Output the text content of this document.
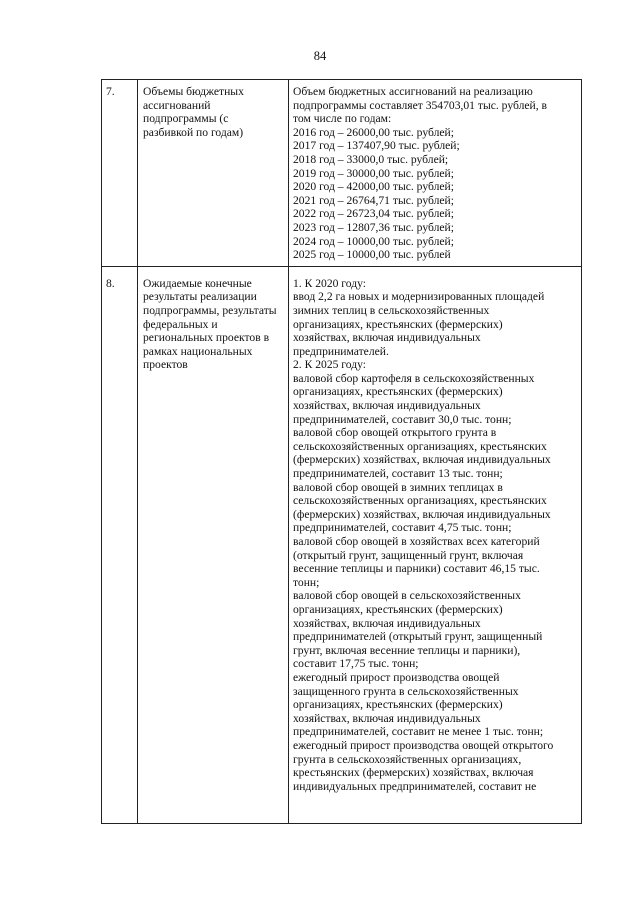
84
7.	Объемы бюджетных
ассигнований
подпрограммы (с
разбивкой по годам)
Объем бюджетных ассигнований на реализацию
подпрограммы составляет 354703,01 тыс. рублей, в
том числе по годам:
2016 год – 26000,00 тыс. рублей;
2017 год – 137407,90 тыс. рублей;
2018 год – 33000,0 тыс. рублей;
2019 год – 30000,00 тыс. рублей;
2020 год – 42000,00 тыс. рублей;
2021 год – 26764,71 тыс. рублей;
2022 год – 26723,04 тыс. рублей;
2023 год – 12807,36 тыс. рублей;
2024 год – 10000,00 тыс. рублей;
2025 год – 10000,00 тыс. рублей
8.	Ожидаемые конечные
результаты реализации
подпрограммы, результаты
федеральных и
региональных проектов в
рамках национальных
проектов
1. К 2020 году:
ввод 2,2 га новых и модернизированных площадей
зимних теплиц в сельскохозяйственных
организациях, крестьянских (фермерских)
хозяйствах, включая индивидуальных
предпринимателей.
2. К 2025 году:
валовой сбор картофеля в сельскохозяйственных
организациях, крестьянских (фермерских)
хозяйствах, включая индивидуальных
предпринимателей, составит 30,0 тыс. тонн;
валовой сбор овощей открытого грунта в
сельскохозяйственных организациях, крестьянских
(фермерских) хозяйствах, включая индивидуальных
предпринимателей, составит 13 тыс. тонн;
валовой сбор овощей в зимних теплицах в
сельскохозяйственных организациях, крестьянских
(фермерских) хозяйствах, включая индивидуальных
предпринимателей, составит 4,75 тыс. тонн;
валовой сбор овощей в хозяйствах всех категорий
(открытый грунт, защищенный грунт, включая
весенние теплицы и парники) составит 46,15 тыс.
тонн;
валовой сбор овощей в сельскохозяйственных
организациях, крестьянских (фермерских)
хозяйствах, включая индивидуальных
предпринимателей (открытый грунт, защищенный
грунт, включая весенние теплицы и парники),
составит 17,75 тыс. тонн;
ежегодный прирост производства овощей
защищенного грунта в сельскохозяйственных
организациях, крестьянских (фермерских)
хозяйствах, включая индивидуальных
предпринимателей, составит не менее 1 тыс. тонн;
ежегодный прирост производства овощей открытого
грунта в сельскохозяйственных организациях,
крестьянских (фермерских) хозяйствах, включая
индивидуальных предпринимателей, составит не
